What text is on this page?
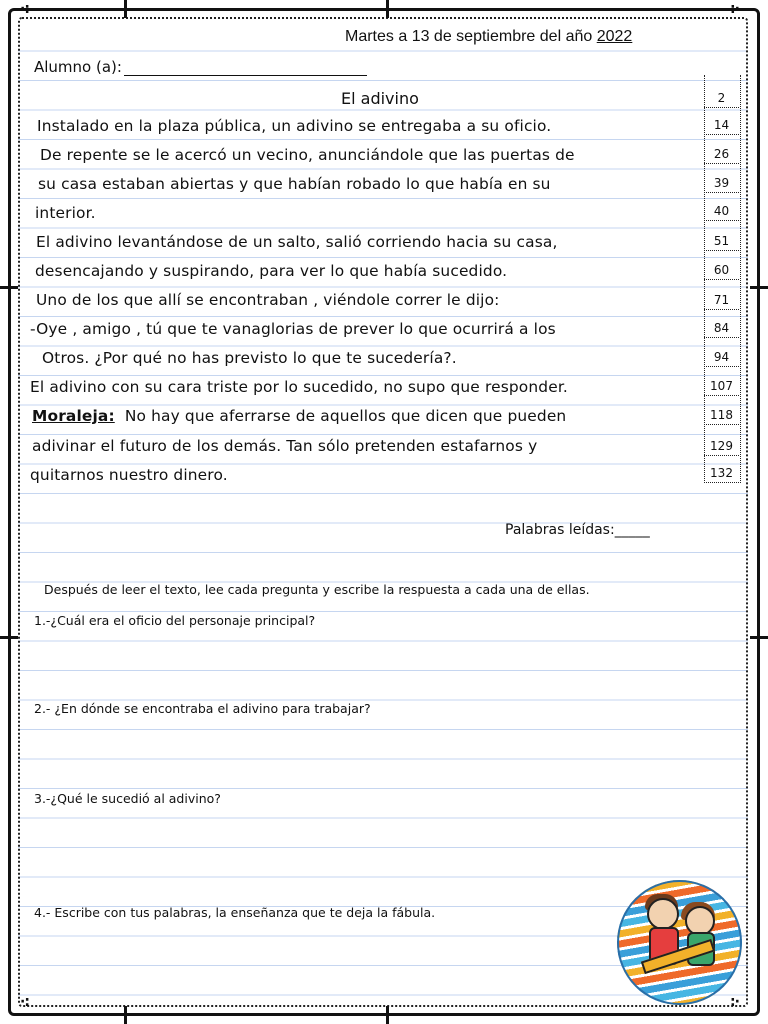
·:	:·
·:	:·
Martes a 13 de septiembre del año 2022
Alumno (a):
El adivino	2
Instalado en la plaza pública, un adivino se entregaba a su oficio.	14
De repente se le acercó un vecino, anunciándole que las puertas de	26
su casa estaban abiertas y que habían robado lo que había en su	39
interior.	40
El adivino levantándose de un salto, salió corriendo hacia su casa,	51
desencajando y suspirando, para ver lo que había sucedido.	60
Uno de los que allí se encontraban , viéndole correr le dijo:	71
-Oye , amigo , tú que te vanaglorias de prever lo que ocurrirá a los	84
Otros. ¿Por qué no has previsto lo que te sucedería?.	94
El adivino con su cara triste por lo sucedido, no supo que responder.	107
Moraleja: No hay que aferrarse de aquellos que dicen que pueden	118
adivinar el futuro de los demás. Tan sólo pretenden estafarnos y	129
quitarnos nuestro dinero.	132
Palabras leídas:_____
Después de leer el texto, lee cada pregunta y escribe la respuesta a cada una de ellas.
1.-¿Cuál era el oficio del personaje principal?
2.- ¿En dónde se encontraba el adivino para trabajar?
3.-¿Qué le sucedió al adivino?
4.- Escribe con tus palabras, la enseñanza que te deja la fábula.
